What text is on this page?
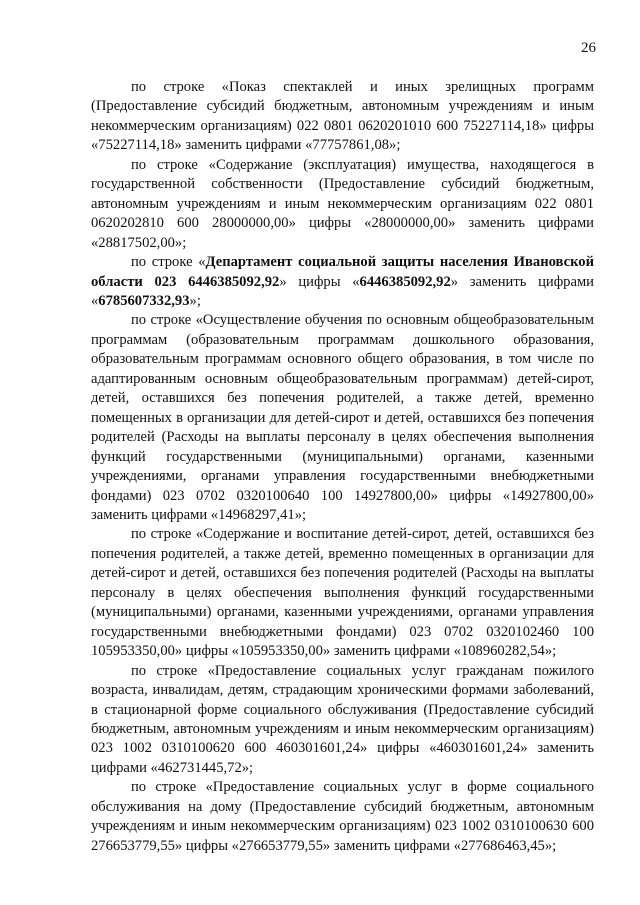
26

по строке «Показ спектаклей и иных зрелищных программ (Предоставление субсидий бюджетным, автономным учреждениям и иным некоммерческим организациям) 022 0801 0620201010 600 75227114,18» цифры «75227114,18» заменить цифрами «77757861,08»;

по строке «Содержание (эксплуатация) имущества, находящегося в государственной собственности (Предоставление субсидий бюджетным, автономным учреждениям и иным некоммерческим организациям 022 0801 0620202810 600 28000000,00» цифры «28000000,00» заменить цифрами «28817502,00»;

по строке «Департамент социальной защиты населения Ивановской области 023 6446385092,92» цифры «6446385092,92» заменить цифрами «6785607332,93»;

по строке «Осуществление обучения по основным общеобразовательным программам (образовательным программам дошкольного образования, образовательным программам основного общего образования, в том числе по адаптированным основным общеобразовательным программам) детей-сирот, детей, оставшихся без попечения родителей, а также детей, временно помещенных в организации для детей-сирот и детей, оставшихся без попечения родителей (Расходы на выплаты персоналу в целях обеспечения выполнения функций государственными (муниципальными) органами, казенными учреждениями, органами управления государственными внебюджетными фондами) 023 0702 0320100640 100 14927800,00» цифры «14927800,00» заменить цифрами «14968297,41»;

по строке «Содержание и воспитание детей-сирот, детей, оставшихся без попечения родителей, а также детей, временно помещенных в организации для детей-сирот и детей, оставшихся без попечения родителей (Расходы на выплаты персоналу в целях обеспечения выполнения функций государственными (муниципальными) органами, казенными учреждениями, органами управления государственными внебюджетными фондами) 023 0702 0320102460 100 105953350,00» цифры «105953350,00» заменить цифрами «108960282,54»;

по строке «Предоставление социальных услуг гражданам пожилого возраста, инвалидам, детям, страдающим хроническими формами заболеваний, в стационарной форме социального обслуживания (Предоставление субсидий бюджетным, автономным учреждениям и иным некоммерческим организациям) 023 1002 0310100620 600 460301601,24» цифры «460301601,24» заменить цифрами «462731445,72»;

по строке «Предоставление социальных услуг в форме социального обслуживания на дому (Предоставление субсидий бюджетным, автономным учреждениям и иным некоммерческим организациям) 023 1002 0310100630 600 276653779,55» цифры «276653779,55» заменить цифрами «277686463,45»;
